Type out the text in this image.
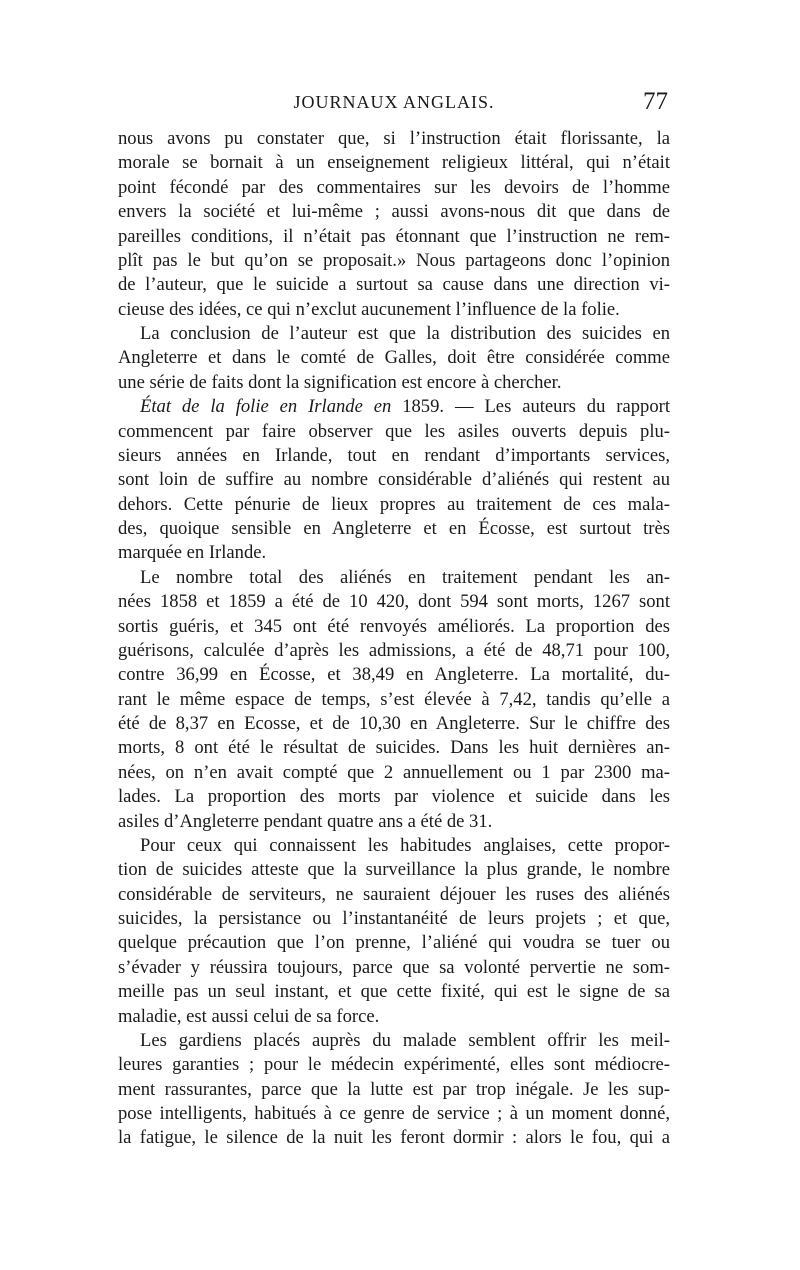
JOURNAUX ANGLAIS.	77
nous avons pu constater que, si l’instruction était florissante, la
morale se bornait à un enseignement religieux littéral, qui n’était
point fécondé par des commentaires sur les devoirs de l’homme
envers la société et lui-même ; aussi avons-nous dit que dans de
pareilles conditions, il n’était pas étonnant que l’instruction ne rem-
plît pas le but qu’on se proposait.» Nous partageons donc l’opinion
de l’auteur, que le suicide a surtout sa cause dans une direction vi-
cieuse des idées, ce qui n’exclut aucunement l’influence de la folie.
La conclusion de l’auteur est que la distribution des suicides en
Angleterre et dans le comté de Galles, doit être considérée comme
une série de faits dont la signification est encore à chercher.
État de la folie en Irlande en 1859. — Les auteurs du rapport
commencent par faire observer que les asiles ouverts depuis plu-
sieurs années en Irlande, tout en rendant d’importants services,
sont loin de suffire au nombre considérable d’aliénés qui restent au
dehors. Cette pénurie de lieux propres au traitement de ces mala-
des, quoique sensible en Angleterre et en Écosse, est surtout très
marquée en Irlande.
Le nombre total des aliénés en traitement pendant les an-
nées 1858 et 1859 a été de 10 420, dont 594 sont morts, 1267 sont
sortis guéris, et 345 ont été renvoyés améliorés. La proportion des
guérisons, calculée d’après les admissions, a été de 48,71 pour 100,
contre 36,99 en Écosse, et 38,49 en Angleterre. La mortalité, du-
rant le même espace de temps, s’est élevée à 7,42, tandis qu’elle a
été de 8,37 en Ecosse, et de 10,30 en Angleterre. Sur le chiffre des
morts, 8 ont été le résultat de suicides. Dans les huit dernières an-
nées, on n’en avait compté que 2 annuellement ou 1 par 2300 ma-
lades. La proportion des morts par violence et suicide dans les
asiles d’Angleterre pendant quatre ans a été de 31.
Pour ceux qui connaissent les habitudes anglaises, cette propor-
tion de suicides atteste que la surveillance la plus grande, le nombre
considérable de serviteurs, ne sauraient déjouer les ruses des aliénés
suicides, la persistance ou l’instantanéité de leurs projets ; et que,
quelque précaution que l’on prenne, l’aliéné qui voudra se tuer ou
s’évader y réussira toujours, parce que sa volonté pervertie ne som-
meille pas un seul instant, et que cette fixité, qui est le signe de sa
maladie, est aussi celui de sa force.
Les gardiens placés auprès du malade semblent offrir les meil-
leures garanties ; pour le médecin expérimenté, elles sont médiocre-
ment rassurantes, parce que la lutte est par trop inégale. Je les sup-
pose intelligents, habitués à ce genre de service ; à un moment donné,
la fatigue, le silence de la nuit les feront dormir : alors le fou, qui a
